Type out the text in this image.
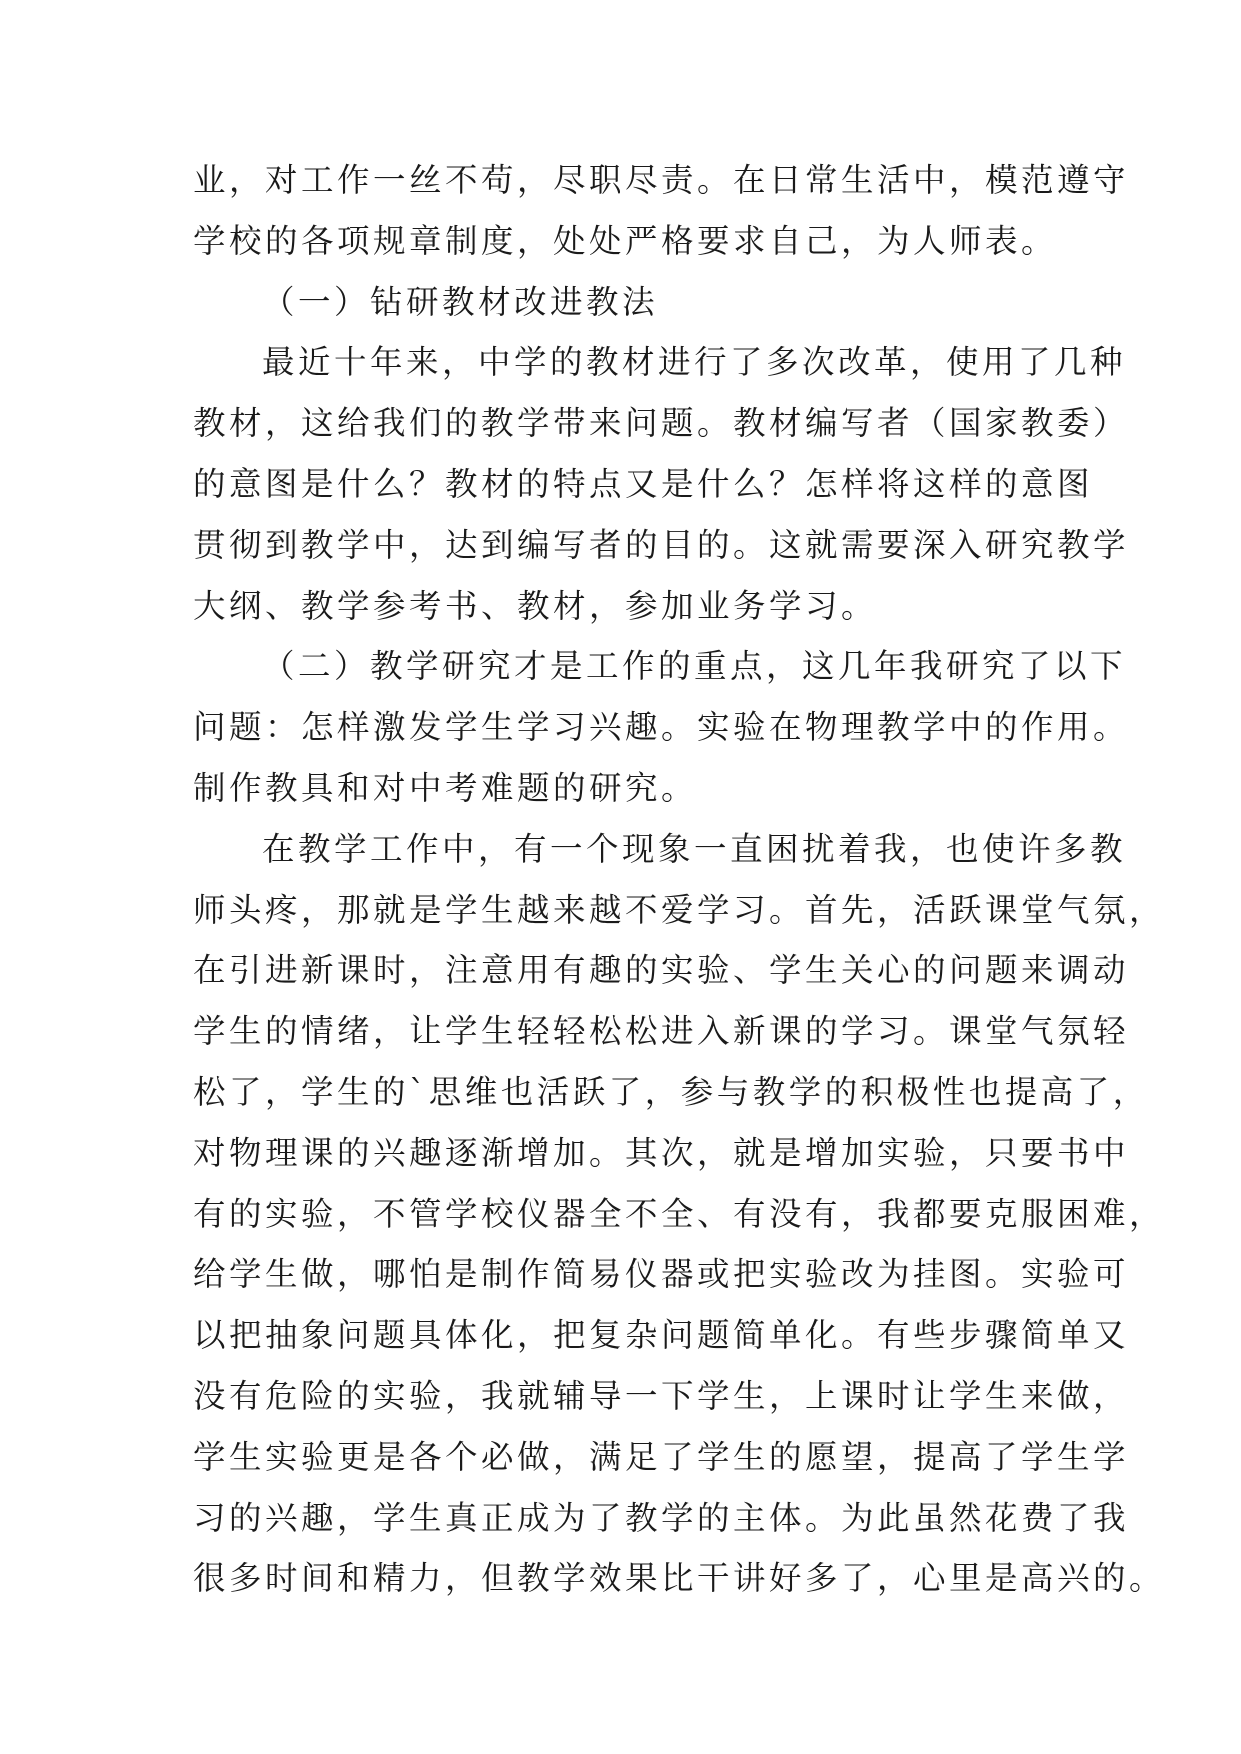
业，对工作一丝不苟，尽职尽责。在日常生活中，模范遵守
学校的各项规章制度，处处严格要求自己，为人师表。
（一）钻研教材改进教法
最近十年来，中学的教材进行了多次改革，使用了几种
教材，这给我们的教学带来问题。教材编写者（国家教委）
的意图是什么？教材的特点又是什么？怎样将这样的意图
贯彻到教学中，达到编写者的目的。这就需要深入研究教学
大纲、教学参考书、教材，参加业务学习。
（二）教学研究才是工作的重点，这几年我研究了以下
问题：怎样激发学生学习兴趣。实验在物理教学中的作用。
制作教具和对中考难题的研究。
在教学工作中，有一个现象一直困扰着我，也使许多教
师头疼，那就是学生越来越不爱学习。首先，活跃课堂气氛，
在引进新课时，注意用有趣的实验、学生关心的问题来调动
学生的情绪，让学生轻轻松松进入新课的学习。课堂气氛轻
松了，学生的`思维也活跃了，参与教学的积极性也提高了，
对物理课的兴趣逐渐增加。其次，就是增加实验，只要书中
有的实验，不管学校仪器全不全、有没有，我都要克服困难，
给学生做，哪怕是制作简易仪器或把实验改为挂图。实验可
以把抽象问题具体化，把复杂问题简单化。有些步骤简单又
没有危险的实验，我就辅导一下学生，上课时让学生来做，
学生实验更是各个必做，满足了学生的愿望，提高了学生学
习的兴趣，学生真正成为了教学的主体。为此虽然花费了我
很多时间和精力，但教学效果比干讲好多了，心里是高兴的。
